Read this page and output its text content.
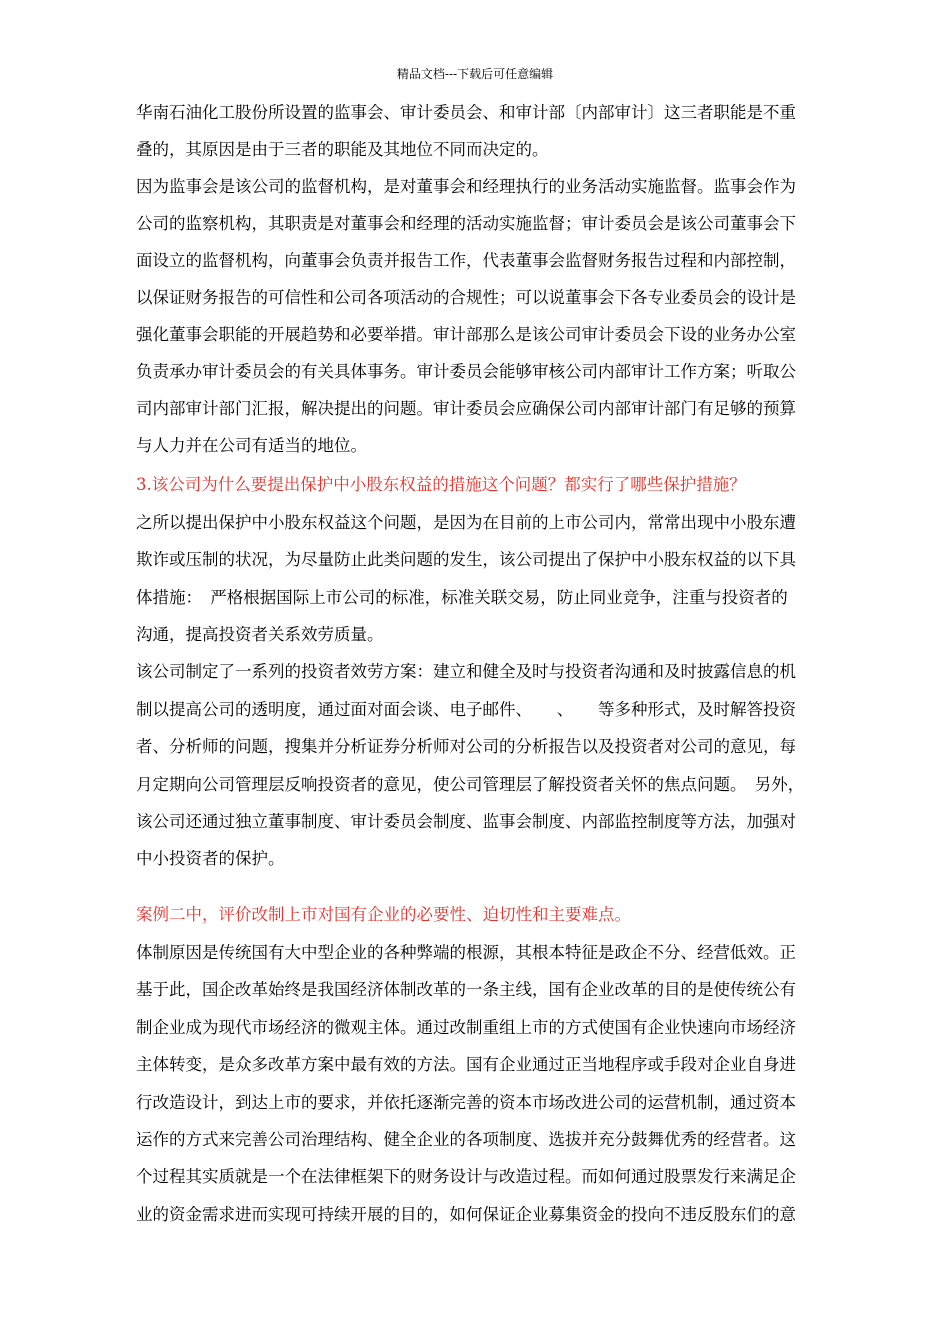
精品文档---下载后可任意编辑
华南石油化工股份所设置的监事会、审计委员会、和审计部〔内部审计〕这三者职能是不重
叠的，其原因是由于三者的职能及其地位不同而决定的。
因为监事会是该公司的监督机构，是对董事会和经理执行的业务活动实施监督。监事会作为
公司的监察机构，其职责是对董事会和经理的活动实施监督；审计委员会是该公司董事会下
面设立的监督机构，向董事会负责并报告工作，代表董事会监督财务报告过程和内部控制，
以保证财务报告的可信性和公司各项活动的合规性；可以说董事会下各专业委员会的设计是
强化董事会职能的开展趋势和必要举措。审计部那么是该公司审计委员会下设的业务办公室
负责承办审计委员会的有关具体事务。审计委员会能够审核公司内部审计工作方案；听取公
司内部审计部门汇报，解决提出的问题。审计委员会应确保公司内部审计部门有足够的预算
与人力并在公司有适当的地位。
3.该公司为什么要提出保护中小股东权益的措施这个问题？都实行了哪些保护措施？
之所以提出保护中小股东权益这个问题，是因为在目前的上市公司内，常常出现中小股东遭
欺诈或压制的状况，为尽量防止此类问题的发生，该公司提出了保护中小股东权益的以下具
体措施：　严格根据国际上市公司的标准，标准关联交易，防止同业竞争，注重与投资者的
沟通，提高投资者关系效劳质量。
该公司制定了一系列的投资者效劳方案：建立和健全及时与投资者沟通和及时披露信息的机
制以提高公司的透明度，通过面对面会谈、电子邮件、　　、　　等多种形式，及时解答投资
者、分析师的问题，搜集并分析证券分析师对公司的分析报告以及投资者对公司的意见，每
月定期向公司管理层反响投资者的意见，使公司管理层了解投资者关怀的焦点问题。　另外，
该公司还通过独立董事制度、审计委员会制度、监事会制度、内部监控制度等方法，加强对
中小投资者的保护。
案例二中，评价改制上市对国有企业的必要性、迫切性和主要难点。
体制原因是传统国有大中型企业的各种弊端的根源，其根本特征是政企不分、经营低效。正
基于此，国企改革始终是我国经济体制改革的一条主线，国有企业改革的目的是使传统公有
制企业成为现代市场经济的微观主体。通过改制重组上市的方式使国有企业快速向市场经济
主体转变，是众多改革方案中最有效的方法。国有企业通过正当地程序或手段对企业自身进
行改造设计，到达上市的要求，并依托逐渐完善的资本市场改进公司的运营机制，通过资本
运作的方式来完善公司治理结构、健全企业的各项制度、选拔并充分鼓舞优秀的经营者。这
个过程其实质就是一个在法律框架下的财务设计与改造过程。而如何通过股票发行来满足企
业的资金需求进而实现可持续开展的目的，如何保证企业募集资金的投向不违反股东们的意
